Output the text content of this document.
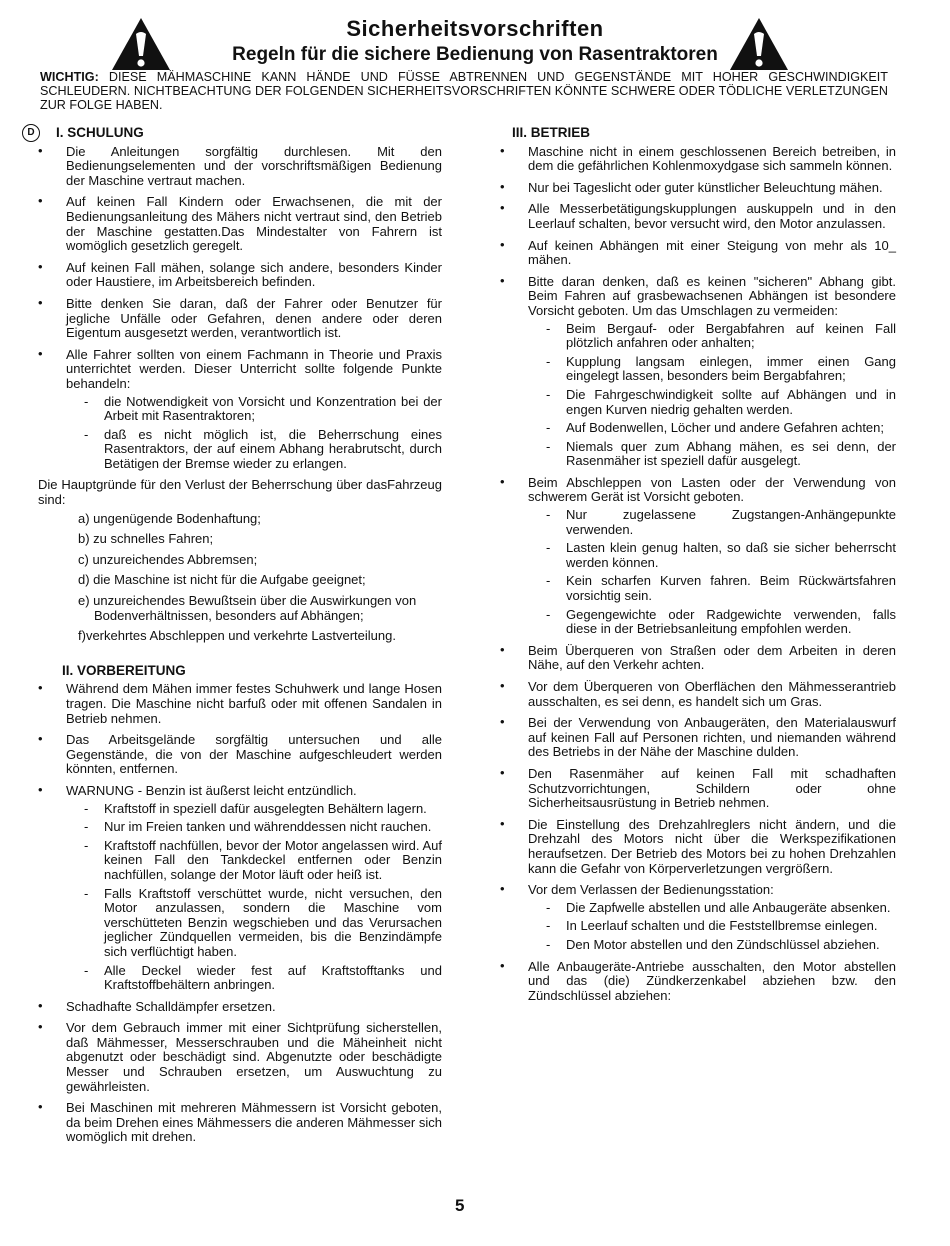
Sicherheitsvorschriften
Regeln für die sichere Bedienung von Rasentraktoren
WICHTIG: DIESE MÄHMASCHINE KANN HÄNDE UND FÜSSE ABTRENNEN UND GEGENSTÄNDE MIT HOHER GESCHWINDIGKEIT SCHLEUDERN. NICHTBEACHTUNG DER FOLGENDEN SICHERHEITSVORSCHRIFTEN KÖNNTE SCHWERE ODER TÖDLICHE VERLETZUNGEN ZUR FOLGE HABEN.
D	I. SCHULUNG
• Die Anleitungen sorgfältig durchlesen. Mit den Bedienungselementen und der vorschriftsmäßigen Bedienung der Maschine vertraut machen.
• Auf keinen Fall Kindern oder Erwachsenen, die mit der Bedienungsanleitung des Mähers nicht vertraut sind, den Betrieb der Maschine gestatten.Das Mindestalter von Fahrern ist womöglich gesetzlich geregelt.
• Auf keinen Fall mähen, solange sich andere, besonders Kinder oder Haustiere, im Arbeitsbereich befinden.
• Bitte denken Sie daran, daß der Fahrer oder Benutzer für jegliche Unfälle oder Gefahren, denen andere oder deren Eigentum ausgesetzt werden, verantwortlich ist.
• Alle Fahrer sollten von einem Fachmann in Theorie und Praxis unterrichtet werden. Dieser Unterricht sollte folgende Punkte behandeln:
- die Notwendigkeit von Vorsicht und Konzentration bei der Arbeit mit Rasentraktoren;
- daß es nicht möglich ist, die Beherrschung eines Rasentraktors, der auf einem Abhang herabrutscht, durch Betätigen der Bremse wieder zu erlangen.
Die Hauptgründe für den Verlust der Beherrschung über dasFahrzeug sind:
a) ungenügende Bodenhaftung;
b) zu schnelles Fahren;
c) unzureichendes Abbremsen;
d) die Maschine ist nicht für die Aufgabe geeignet;
e) unzureichendes Bewußtsein über die Auswirkungen von Bodenverhältnissen, besonders auf Abhängen;
f)verkehrtes Abschleppen und verkehrte Lastverteilung.
II. VORBEREITUNG
• Während dem Mähen immer festes Schuhwerk und lange Hosen tragen. Die Maschine nicht barfuß oder mit offenen Sandalen in Betrieb nehmen.
• Das Arbeitsgelände sorgfältig untersuchen und alle Gegenstände, die von der Maschine aufgeschleudert werden könnten, entfernen.
• WARNUNG - Benzin ist äußerst leicht entzündlich.
- Kraftstoff in speziell dafür ausgelegten Behältern lagern.
- Nur im Freien tanken und währenddessen nicht rauchen.
- Kraftstoff nachfüllen, bevor der Motor angelassen wird. Auf keinen Fall den Tankdeckel entfernen oder Benzin nachfüllen, solange der Motor läuft oder heiß ist.
- Falls Kraftstoff verschüttet wurde, nicht versuchen, den Motor anzulassen, sondern die Maschine vom verschütteten Benzin wegschieben und das Verursachen jeglicher Zündquellen vermeiden, bis die Benzindämpfe sich verflüchtigt haben.
- Alle Deckel wieder fest auf Kraftstofftanks und Kraftstoffbehältern anbringen.
• Schadhafte Schalldämpfer ersetzen.
• Vor dem Gebrauch immer mit einer Sichtprüfung sicherstellen, daß Mähmesser, Messerschrauben und die Mäheinheit nicht abgenutzt oder beschädigt sind. Abgenutzte oder beschädigte Messer und Schrauben ersetzen, um Auswuchtung zu gewährleisten.
• Bei Maschinen mit mehreren Mähmessern ist Vorsicht geboten, da beim Drehen eines Mähmessers die anderen Mähmesser sich womöglich mit drehen.
III. BETRIEB
• Maschine nicht in einem geschlossenen Bereich betreiben, in dem die gefährlichen Kohlenmoxydgase sich sammeln können.
• Nur bei Tageslicht oder guter künstlicher Beleuchtung mähen.
• Alle Messerbetätigungskupplungen auskuppeln und in den Leerlauf schalten, bevor versucht wird, den Motor anzulassen.
• Auf keinen Abhängen mit einer Steigung von mehr als 10_ mähen.
• Bitte daran denken, daß es keinen "sicheren" Abhang gibt. Beim Fahren auf grasbewachsenen Abhängen ist besondere Vorsicht geboten. Um das Umschlagen zu vermeiden:
- Beim Bergauf- oder Bergabfahren auf keinen Fall plötzlich anfahren oder anhalten;
- Kupplung langsam einlegen, immer einen Gang eingelegt lassen, besonders beim Bergabfahren;
- Die Fahrgeschwindigkeit sollte auf Abhängen und in engen Kurven niedrig gehalten werden.
- Auf Bodenwellen, Löcher und andere Gefahren achten;
- Niemals quer zum Abhang mähen, es sei denn, der Rasenmäher ist speziell dafür ausgelegt.
• Beim Abschleppen von Lasten oder der Verwendung von schwerem Gerät ist Vorsicht geboten.
- Nur zugelassene Zugstangen-Anhängepunkte verwenden.
- Lasten klein genug halten, so daß sie sicher beherrscht werden können.
- Kein scharfen Kurven fahren. Beim Rückwärtsfahren vorsichtig sein.
- Gegengewichte oder Radgewichte verwenden, falls diese in der Betriebsanleitung empfohlen werden.
• Beim Überqueren von Straßen oder dem Arbeiten in deren Nähe, auf den Verkehr achten.
• Vor dem Überqueren von Oberflächen den Mähmesserantrieb ausschalten, es sei denn, es handelt sich um Gras.
• Bei der Verwendung von Anbaugeräten, den Materialauswurf auf keinen Fall auf Personen richten, und niemanden während des Betriebs in der Nähe der Maschine dulden.
• Den Rasenmäher auf keinen Fall mit schadhaften Schutzvorrichtungen, Schildern oder ohne Sicherheitsausrüstung in Betrieb nehmen.
• Die Einstellung des Drehzahlreglers nicht ändern, und die Drehzahl des Motors nicht über die Werkspezifikationen heraufsetzen. Der Betrieb des Motors bei zu hohen Drehzahlen kann die Gefahr von Körperverletzungen vergrößern.
• Vor dem Verlassen der Bedienungsstation:
- Die Zapfwelle abstellen und alle Anbaugeräte absenken.
- In Leerlauf schalten und die Feststellbremse einlegen.
- Den Motor abstellen und den Zündschlüssel abziehen.
• Alle Anbaugeräte-Antriebe ausschalten, den Motor abstellen und das (die) Zündkerzenkabel abziehen bzw. den Zündschlüssel abziehen:
5
